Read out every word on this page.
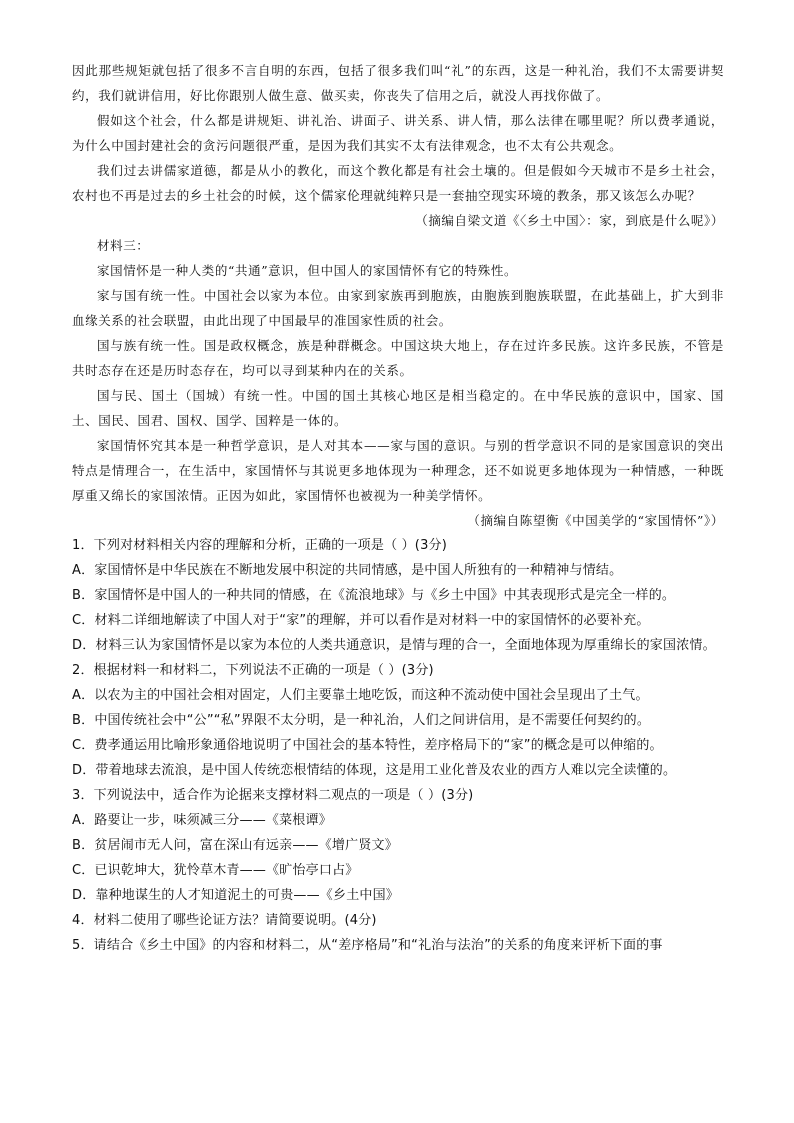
因此那些规矩就包括了很多不言自明的东西，包括了很多我们叫“礼”的东西，这是一种礼治，我们不太需要讲契约，我们就讲信用，好比你跟别人做生意、做买卖，你丧失了信用之后，就没人再找你做了。

假如这个社会，什么都是讲规矩、讲礼治、讲面子、讲关系、讲人情，那么法律在哪里呢？所以费孝通说，为什么中国封建社会的贪污问题很严重，是因为我们其实不太有法律观念，也不太有公共观念。

我们过去讲儒家道德，都是从小的教化，而这个教化都是有社会土壤的。但是假如今天城市不是乡土社会，农村也不再是过去的乡土社会的时候，这个儒家伦理就纯粹只是一套抽空现实环境的教条，那又该怎么办呢？

（摘编自梁文道《〈乡土中国〉：家，到底是什么呢》）

材料三：

家国情怀是一种人类的“共通”意识，但中国人的家国情怀有它的特殊性。

家与国有统一性。中国社会以家为本位。由家到家族再到胞族，由胞族到胞族联盟，在此基础上，扩大到非血缘关系的社会联盟，由此出现了中国最早的准国家性质的社会。

国与族有统一性。国是政权概念，族是种群概念。中国这块大地上，存在过许多民族。这许多民族，不管是共时态存在还是历时态存在，均可以寻到某种内在的关系。

国与民、国土（国城）有统一性。中国的国土其核心地区是相当稳定的。在中华民族的意识中，国家、国土、国民、国君、国权、国学、国粹是一体的。

家国情怀究其本是一种哲学意识，是人对其本——家与国的意识。与别的哲学意识不同的是家国意识的突出特点是情理合一，在生活中，家国情怀与其说更多地体现为一种理念，还不如说更多地体现为一种情感，一种既厚重又绵长的家国浓情。正因为如此，家国情怀也被视为一种美学情怀。

（摘编自陈望衡《中国美学的“家国情怀”》）

1．下列对材料相关内容的理解和分析，正确的一项是（ ）(3分)

A．家国情怀是中华民族在不断地发展中积淀的共同情感，是中国人所独有的一种精神与情结。

B．家国情怀是中国人的一种共同的情感，在《流浪地球》与《乡土中国》中其表现形式是完全一样的。

C．材料二详细地解读了中国人对于“家”的理解，并可以看作是对材料一中的家国情怀的必要补充。

D．材料三认为家国情怀是以家为本位的人类共通意识，是情与理的合一，全面地体现为厚重绵长的家国浓情。

2．根据材料一和材料二，下列说法不正确的一项是（ ）(3分)

A．以农为主的中国社会相对固定，人们主要靠土地吃饭，而这种不流动使中国社会呈现出了土气。

B．中国传统社会中“公”“私”界限不太分明，是一种礼治，人们之间讲信用，是不需要任何契约的。

C．费孝通运用比喻形象通俗地说明了中国社会的基本特性，差序格局下的“家”的概念是可以伸缩的。

D．带着地球去流浪，是中国人传统恋根情结的体现，这是用工业化普及农业的西方人难以完全读懂的。

3．下列说法中，适合作为论据来支撑材料二观点的一项是（ ）(3分)

A．路要让一步，味须减三分——《菜根谭》

B．贫居闹市无人问，富在深山有远亲——《增广贤文》

C．已识乾坤大，犹怜草木青——《旷怡亭口占》

D．靠种地谋生的人才知道泥土的可贵——《乡土中国》

4．材料二使用了哪些论证方法？请简要说明。(4分)

5．请结合《乡土中国》的内容和材料二，从“差序格局”和“礼治与法治”的关系的角度来评析下面的事
